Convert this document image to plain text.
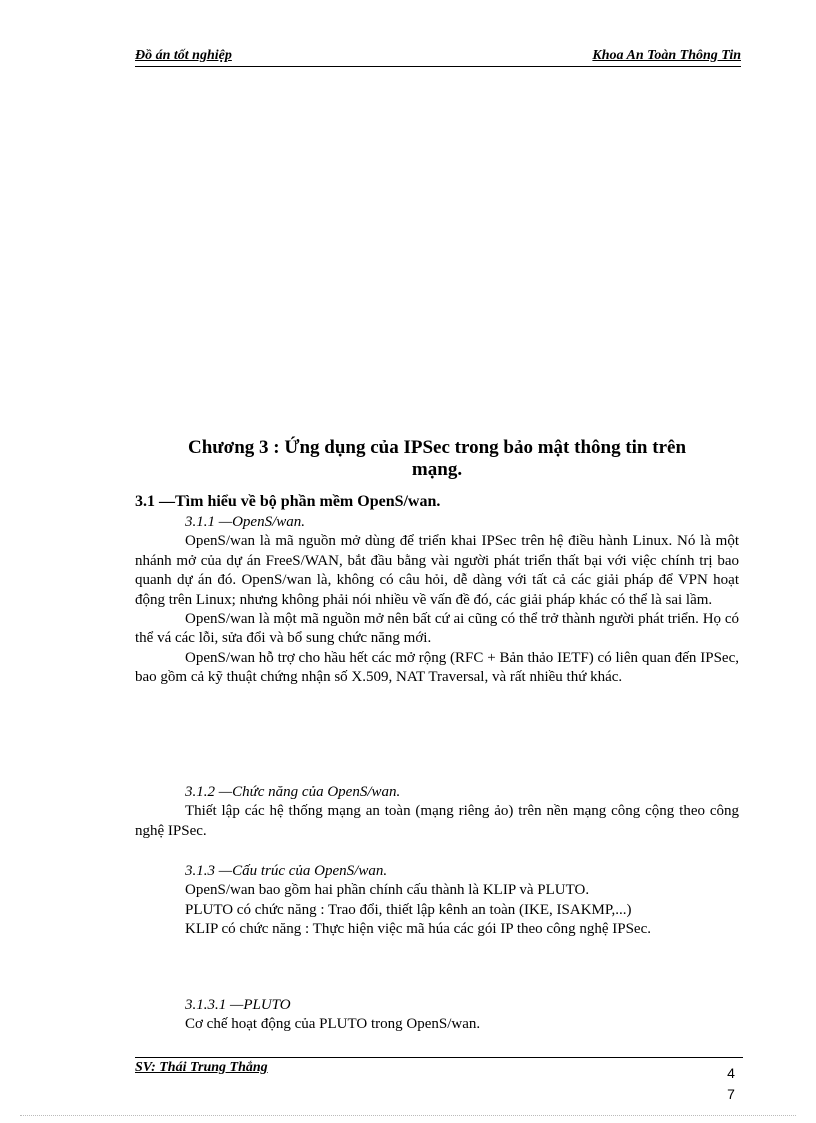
Đồ án tốt nghiệp	Khoa An Toàn Thông Tin
Chương 3 : Ứng dụng của IPSec trong bảo mật thông tin trên
mạng.
3.1 —Tìm hiểu về bộ phần mềm OpenS/wan.
3.1.1 —OpenS/wan.

OpenS/wan là mã nguồn mở dùng để triển khai IPSec trên hệ điều hành Linux. Nó là một nhánh mở của dự án FreeS/WAN, bắt đầu bằng vài người phát triển thất bại với việc chính trị bao quanh dự án đó. OpenS/wan là, không có câu hỏi, dễ dàng với tất cả các giải pháp để VPN hoạt động trên Linux; nhưng không phải nói nhiều về vấn đề đó, các giải pháp khác có thể là sai lầm.

OpenS/wan là một mã nguồn mở nên bất cứ ai cũng có thể trở thành người phát triển. Họ có thể vá các lỗi, sửa đổi và bổ sung chức năng mới.

OpenS/wan hỗ trợ cho hầu hết các mở rộng (RFC + Bản thảo IETF) có liên quan đến IPSec, bao gồm cả kỹ thuật chứng nhận số X.509, NAT Traversal, và rất nhiều thứ khác.

3.1.2 —Chức năng của OpenS/wan.

Thiết lập các hệ thống mạng an toàn (mạng riêng ảo) trên nền mạng công cộng theo công nghệ IPSec.

3.1.3 —Cấu trúc của OpenS/wan.
OpenS/wan bao gồm hai phần chính cấu thành là KLIP và PLUTO.

PLUTO có chức năng : Trao đổi, thiết lập kênh an toàn (IKE, ISAKMP,...)

KLIP có chức năng : Thực hiện việc mã húa các gói IP theo công nghệ IPSec.

3.1.3.1 —PLUTO
Cơ chế hoạt động của PLUTO trong OpenS/wan.
SV: Thái Trung Thắng	4
7
